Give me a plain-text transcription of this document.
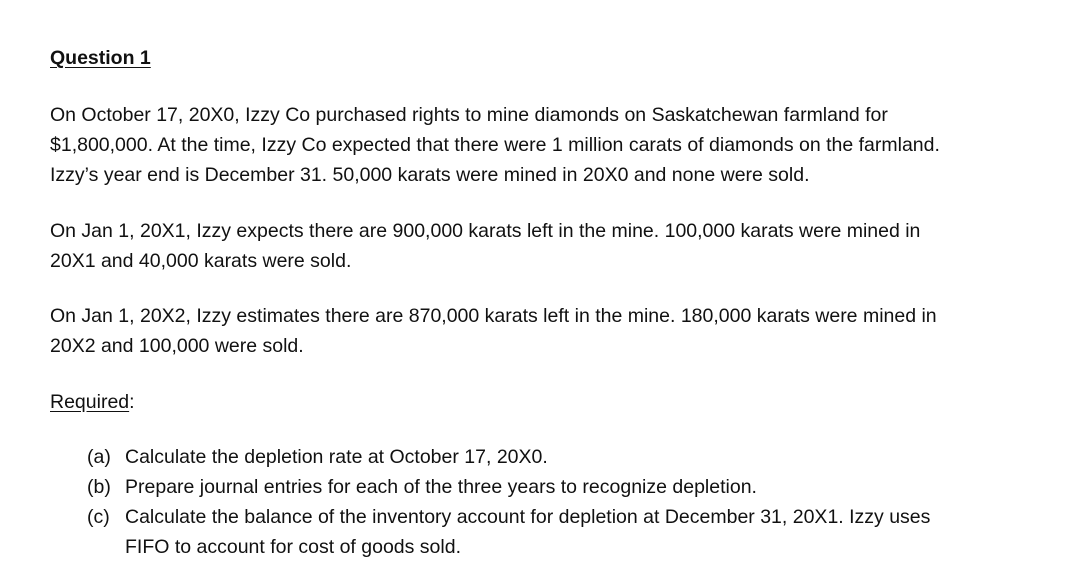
Question 1
On October 17, 20X0, Izzy Co purchased rights to mine diamonds on Saskatchewan farmland for
$1,800,000. At the time, Izzy Co expected that there were 1 million carats of diamonds on the farmland.
Izzy’s year end is December 31. 50,000 karats were mined in 20X0 and none were sold.
On Jan 1, 20X1, Izzy expects there are 900,000 karats left in the mine. 100,000 karats were mined in
20X1 and 40,000 karats were sold.
On Jan 1, 20X2, Izzy estimates there are 870,000 karats left in the mine. 180,000 karats were mined in
20X2 and 100,000 were sold.
Required:
(a) Calculate the depletion rate at October 17, 20X0.
(b) Prepare journal entries for each of the three years to recognize depletion.
(c) Calculate the balance of the inventory account for depletion at December 31, 20X1. Izzy uses
FIFO to account for cost of goods sold.
